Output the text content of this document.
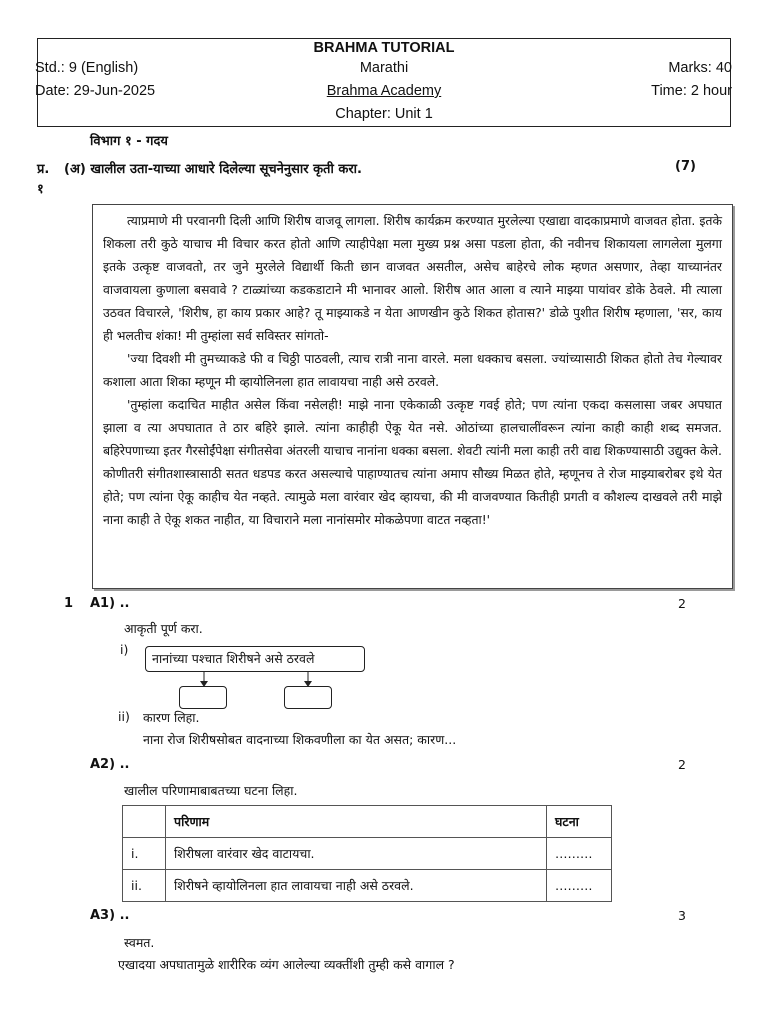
BRAHMA TUTORIAL
Std.: 9 (English)	Marathi	Marks: 40
Date: 29-Jun-2025	Brahma Academy	Time: 2 hour
Chapter: Unit 1
विभाग १ - गदय
प्र.
१
(अ) खालील उता-याच्या आधारे दिलेल्या सूचनेनुसार कृती करा.	(7)

त्याप्रमाणे मी परवानगी दिली आणि शिरीष वाजवू लागला. शिरीष कार्यक्रम करण्यात मुरलेल्या एखाद्या वादकाप्रमाणे वाजवत होता. इतके शिकला तरी कुठे याचाच मी विचार करत होतो आणि त्याहीपेक्षा मला मुख्य प्रश्न असा पडला होता, की नवीनच शिकायला लागलेला मुलगा इतके उत्कृष्ट वाजवतो, तर जुने मुरलेले विद्यार्थी किती छान वाजवत असतील, असेच बाहेरचे लोक म्हणत असणार, तेव्हा याच्यानंतर वाजवायला कुणाला बसवावे ? टाळ्यांच्या कडकडाटाने मी भानावर आलो. शिरीष आत आला व त्याने माझ्या पायांवर डोके ठेवले. मी त्याला उठवत विचारले, 'शिरीष, हा काय प्रकार आहे? तू माझ्याकडे न येता आणखीन कुठे शिकत होतास?' डोळे पुशीत शिरीष म्हणाला, 'सर, काय ही भलतीच शंका! मी तुम्हांला सर्व सविस्तर सांगतो-

'ज्या दिवशी मी तुमच्याकडे फी व चिठ्ठी पाठवली, त्याच रात्री नाना वारले. मला धक्काच बसला. ज्यांच्यासाठी शिकत होतो तेच गेल्यावर कशाला आता शिका म्हणून मी व्हायोलिनला हात लावायचा नाही असे ठरवले.

'तुम्हांला कदाचित माहीत असेल किंवा नसेलही! माझे नाना एकेकाळी उत्कृष्ट गवई होते; पण त्यांना एकदा कसलासा जबर अपघात झाला व त्या अपघातात ते ठार बहिरे झाले. त्यांना काहीही ऐकू येत नसे. ओठांच्या हालचालींवरून त्यांना काही काही शब्द समजत. बहिरेपणाच्या इतर गैरसोईंपेक्षा संगीतसेवा अंतरली याचाच नानांना धक्का बसला. शेवटी त्यांनी मला काही तरी वाद्य शिकण्यासाठी उद्युक्त केले. कोणीतरी संगीतशास्त्रासाठी सतत धडपड करत असल्याचे पाहाण्यातच त्यांना अमाप सौख्य मिळत होते, म्हणूनच ते रोज माझ्याबरोबर इथे येत होते; पण त्यांना ऐकू काहीच येत नव्हते. त्यामुळे मला वारंवार खेद व्हायचा, की मी वाजवण्यात कितीही प्रगती व कौशल्य दाखवले तरी माझे नाना काही ते ऐकू शकत नाहीत, या विचाराने मला नानांसमोर मोकळेपणा वाटत नव्हता!'

1 A1) ..	2
आकृती पूर्ण करा.
i)
नानांच्या पश्चात शिरीषने असे ठरवले
ii) कारण लिहा.
नाना रोज शिरीषसोबत वादनाच्या शिकवणीला का येत असत; कारण...
A2) ..	2
खालील परिणामाबाबतच्या घटना लिहा.
	परिणाम	घटना
i.	शिरीषला वारंवार खेद वाटायचा.	………
ii.	शिरीषने व्हायोलिनला हात लावायचा नाही असे ठरवले.	………
A3) ..	3
स्वमत.
एखादया अपघातामुळे शारीरिक व्यंग आलेल्या व्यक्तींशी तुम्ही कसे वागाल ?
